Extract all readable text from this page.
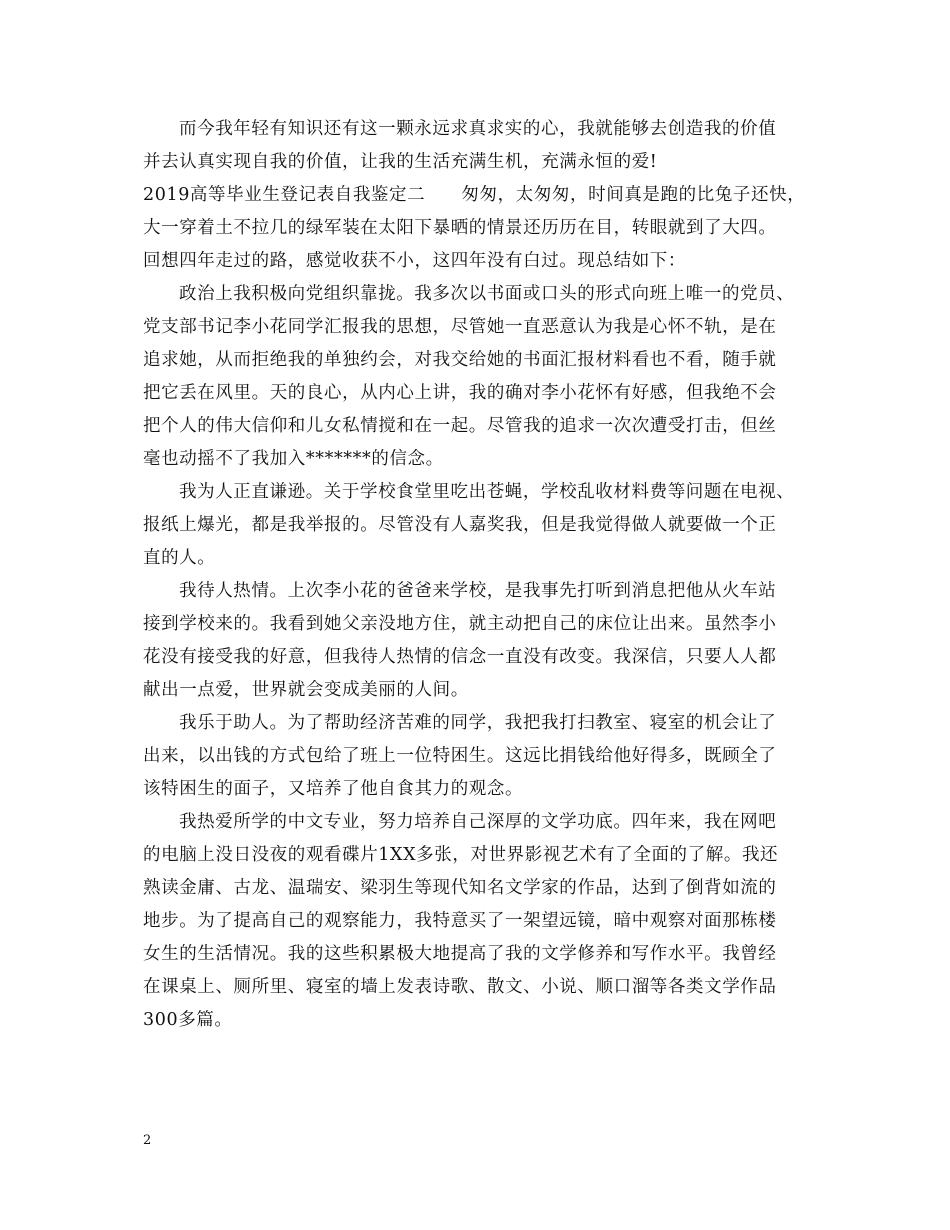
而今我年轻有知识还有这一颗永远求真求实的心，我就能够去创造我的价值
并去认真实现自我的价值，让我的生活充满生机，充满永恒的爱!
2019高等毕业生登记表自我鉴定二　　匆匆，太匆匆，时间真是跑的比兔子还快，
大一穿着土不拉几的绿军装在太阳下暴晒的情景还历历在目，转眼就到了大四。
回想四年走过的路，感觉收获不小，这四年没有白过。现总结如下：
政治上我积极向党组织靠拢。我多次以书面或口头的形式向班上唯一的党员、
党支部书记李小花同学汇报我的思想，尽管她一直恶意认为我是心怀不轨，是在
追求她，从而拒绝我的单独约会，对我交给她的书面汇报材料看也不看，随手就
把它丢在风里。天的良心，从内心上讲，我的确对李小花怀有好感，但我绝不会
把个人的伟大信仰和儿女私情搅和在一起。尽管我的追求一次次遭受打击，但丝
毫也动摇不了我加入*******的信念。
我为人正直谦逊。关于学校食堂里吃出苍蝇，学校乱收材料费等问题在电视、
报纸上爆光，都是我举报的。尽管没有人嘉奖我，但是我觉得做人就要做一个正
直的人。
我待人热情。上次李小花的爸爸来学校，是我事先打听到消息把他从火车站
接到学校来的。我看到她父亲没地方住，就主动把自己的床位让出来。虽然李小
花没有接受我的好意，但我待人热情的信念一直没有改变。我深信，只要人人都
献出一点爱，世界就会变成美丽的人间。
我乐于助人。为了帮助经济苦难的同学，我把我打扫教室、寝室的机会让了
出来，以出钱的方式包给了班上一位特困生。这远比捐钱给他好得多，既顾全了
该特困生的面子，又培养了他自食其力的观念。
我热爱所学的中文专业，努力培养自己深厚的文学功底。四年来，我在网吧
的电脑上没日没夜的观看碟片1XX多张，对世界影视艺术有了全面的了解。我还
熟读金庸、古龙、温瑞安、梁羽生等现代知名文学家的作品，达到了倒背如流的
地步。为了提高自己的观察能力，我特意买了一架望远镜，暗中观察对面那栋楼
女生的生活情况。我的这些积累极大地提高了我的文学修养和写作水平。我曾经
在课桌上、厕所里、寝室的墙上发表诗歌、散文、小说、顺口溜等各类文学作品
300多篇。
2
